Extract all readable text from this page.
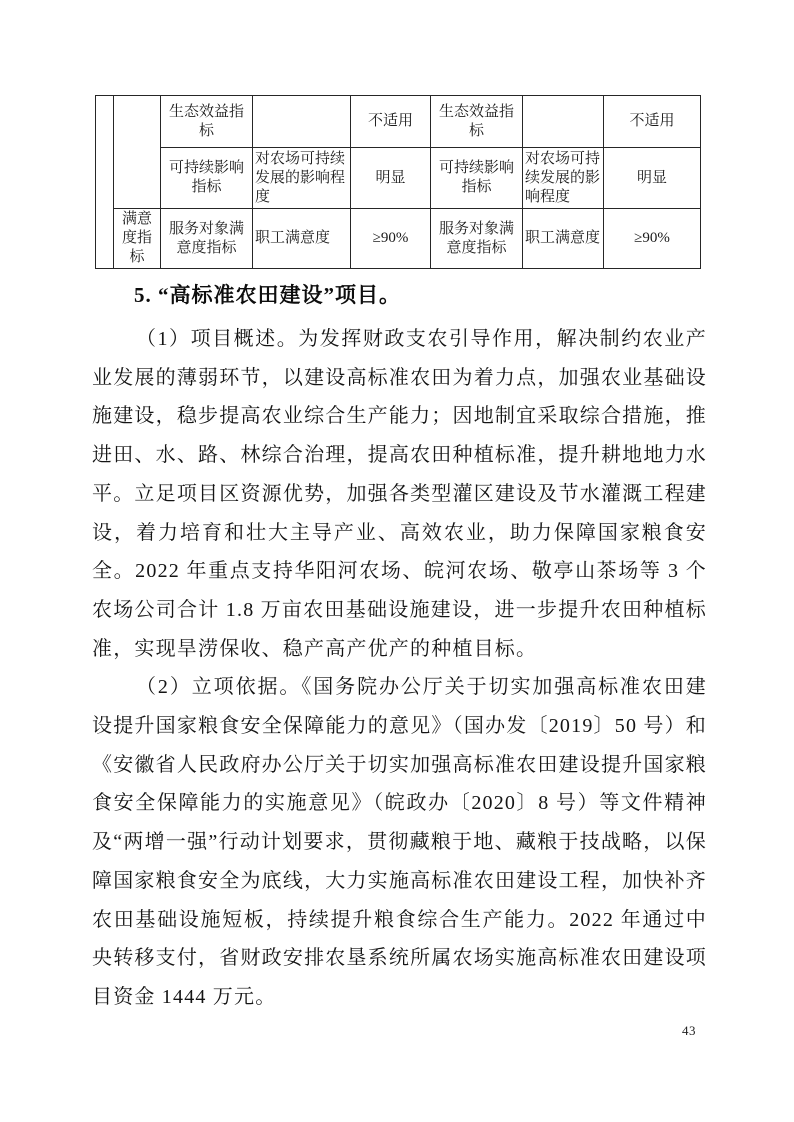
		生态效益指标		不适用	生态效益指标		不适用
		可持续影响指标	对农场可持续发展的影响程度	明显	可持续影响指标	对农场可持续发展的影响程度	明显
	满意度指标	服务对象满意度指标	职工满意度	≥90%	服务对象满意度指标	职工满意度	≥90%
5. “高标准农田建设”项目。

（1）项目概述。为发挥财政支农引导作用，解决制约农业产业发展的薄弱环节，以建设高标准农田为着力点，加强农业基础设施建设，稳步提高农业综合生产能力；因地制宜采取综合措施，推进田、水、路、林综合治理，提高农田种植标准，提升耕地地力水平。立足项目区资源优势，加强各类型灌区建设及节水灌溉工程建设，着力培育和壮大主导产业、高效农业，助力保障国家粮食安全。2022 年重点支持华阳河农场、皖河农场、敬亭山茶场等 3 个农场公司合计 1.8 万亩农田基础设施建设，进一步提升农田种植标准，实现旱涝保收、稳产高产优产的种植目标。

（2）立项依据。《国务院办公厅关于切实加强高标准农田建设提升国家粮食安全保障能力的意见》（国办发〔2019〕50 号）和《安徽省人民政府办公厅关于切实加强高标准农田建设提升国家粮食安全保障能力的实施意见》（皖政办〔2020〕8 号）等文件精神及“两增一强”行动计划要求，贯彻藏粮于地、藏粮于技战略，以保障国家粮食安全为底线，大力实施高标准农田建设工程，加快补齐农田基础设施短板，持续提升粮食综合生产能力。2022 年通过中央转移支付，省财政安排农垦系统所属农场实施高标准农田建设项目资金 1444 万元。

43
